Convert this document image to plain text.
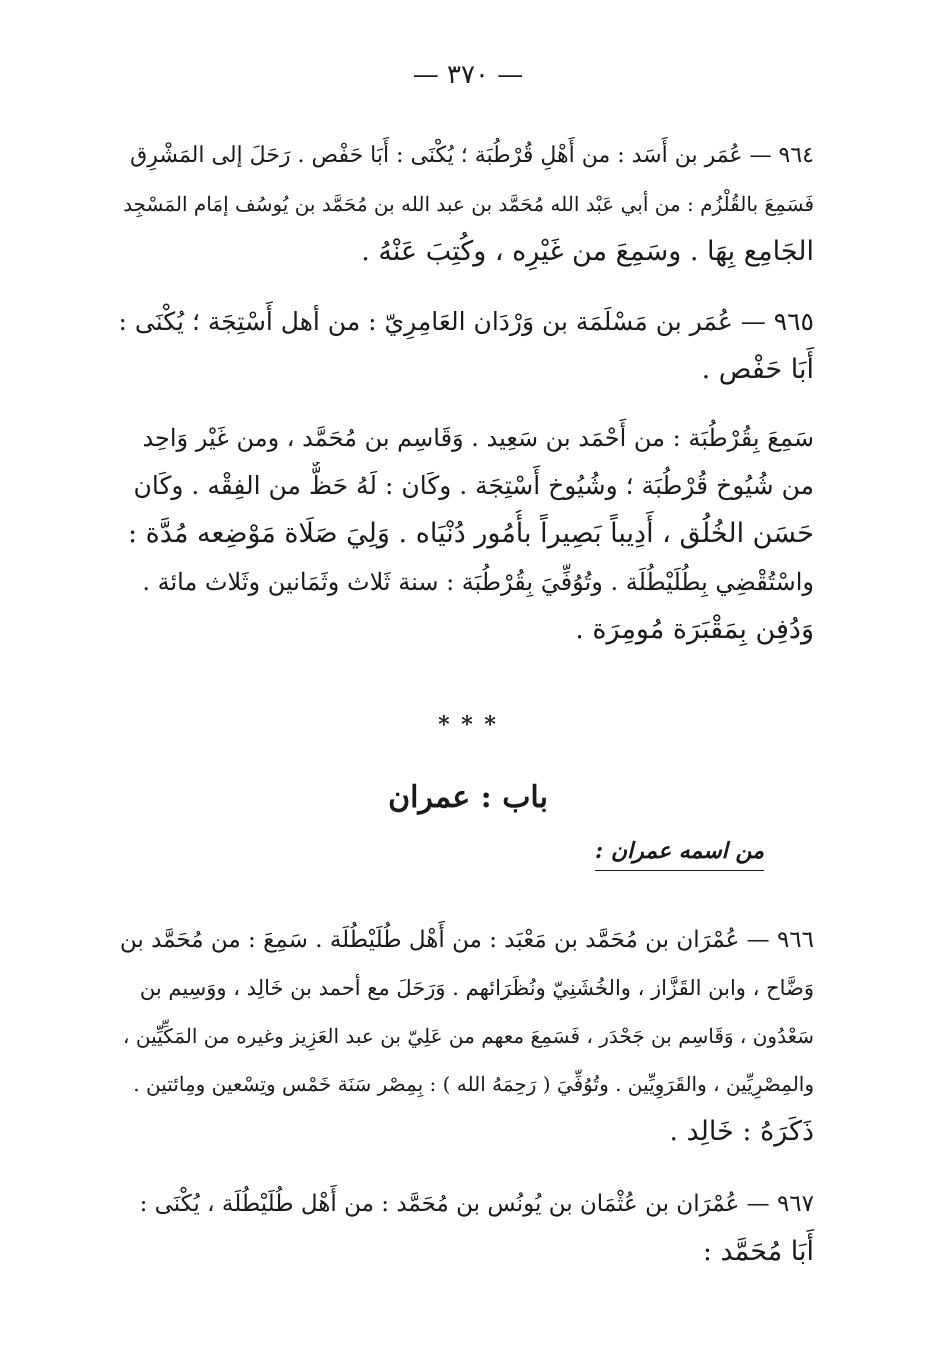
— ٣٧٠ —
٩٦٤ — عُمَر بن أَسَد : من أَهْلِ قُرْطُبَة ؛ يُكْنَى : أَبَا حَفْص . رَحَلَ إلى المَشْرِق
فَسَمِعَ بالقُلْزُم : من أبي عَبْد الله مُحَمَّد بن عبد الله بن مُحَمَّد بن يُوسُف إمَام المَسْجِد
الجَامِع بِهَا . وسَمِعَ من غَيْرِه ، وكُتِبَ عَنْهُ .
٩٦٥ — عُمَر بن مَسْلَمَة بن وَرْدَان العَامِرِيّ : من أهل أَسْتِجَة ؛ يُكْنَى :
أَبَا حَفْص .
سَمِعَ بِقُرْطُبَة : من أَحْمَد بن سَعِيد . وَقَاسِم بن مُحَمَّد ، ومن غَيْر وَاحِد
من شُيُوخ قُرْطُبَة ؛ وشُيُوخ أَسْتِجَة . وكَان : لَهُ حَظٌّ من الفِقْه . وكَان
حَسَن الخُلُق ، أَدِيباً بَصِيراً بأُمُور دُنْيَاه . وَلِيَ صَلَاة مَوْضِعه مُدَّة :
واسْتُقْضِي بِطُلَيْطُلَة . وتُوُفِّيَ بِقُرْطُبَة : سنة ثَلاث وثَمَانين وثَلاث مائة .
وَدُفِن بِمَقْبَرَة مُومِرَة .
* * *
باب : عمران
من اسمه عمران :
٩٦٦ — عُمْرَان بن مُحَمَّد بن مَعْبَد : من أَهْل طُلَيْطُلَة . سَمِعَ : من مُحَمَّد بن
وَضَّاح ، وابن القَزَّاز ، والخُشَنِيّ ونُظَرَائهم . وَرَحَلَ مع أحمد بن خَالِد ، ووَسِيم بن
سَعْدُون ، وَقَاسِم بن جَحْدَر ، فَسَمِعَ معهم من عَلِيّ بن عبد العَزِيز وغيره من المَكِّيِّين ،
والمِصْرِيِّين ، والقَرَوِيِّين . وتُوُفِّيَ ( رَحِمَهُ الله ) : بِمِصْر سَنَة خَمْس وتِسْعين ومِائتين .
ذَكَرَهُ : خَالِد .
٩٦٧ — عُمْرَان بن عُثْمَان بن يُونُس بن مُحَمَّد : من أَهْل طُلَيْطُلَة ، يُكْنَى :
أَبَا مُحَمَّد :
